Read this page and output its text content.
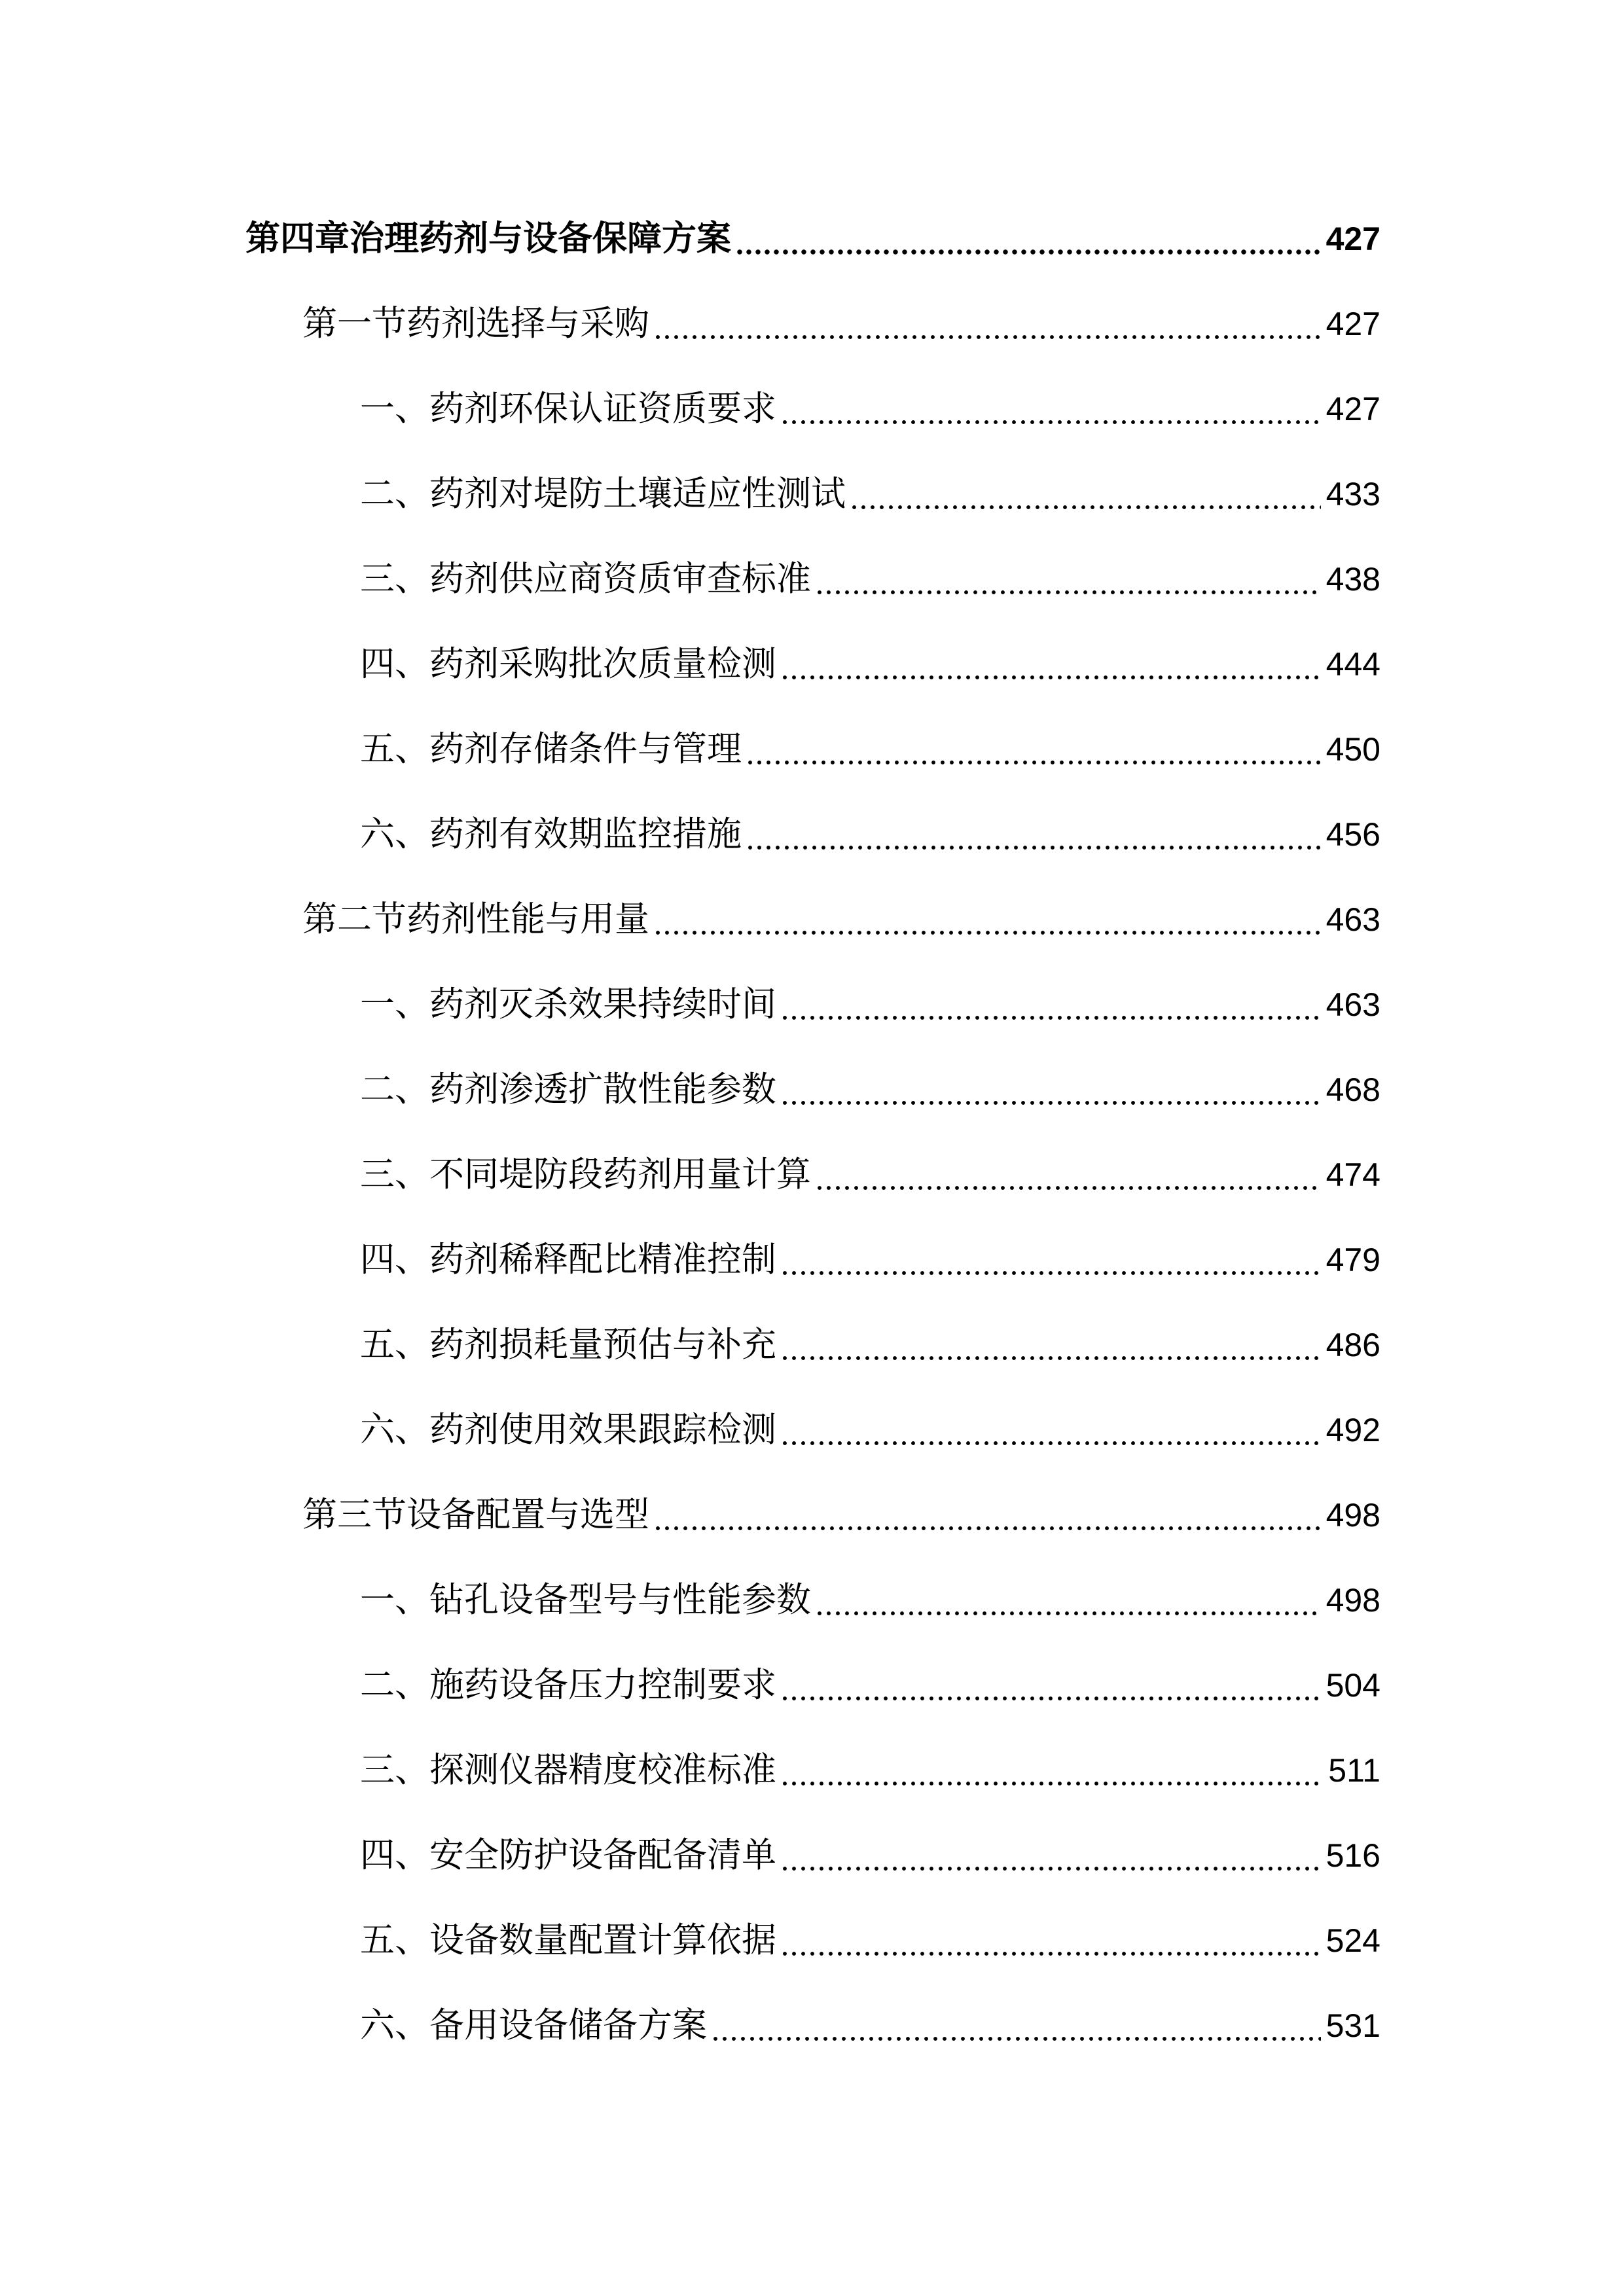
第四章治理药剂与设备保障方案	427
第一节药剂选择与采购	427
一、药剂环保认证资质要求	427
二、药剂对堤防土壤适应性测试	433
三、药剂供应商资质审查标准	438
四、药剂采购批次质量检测	444
五、药剂存储条件与管理	450
六、药剂有效期监控措施	456
第二节药剂性能与用量	463
一、药剂灭杀效果持续时间	463
二、药剂渗透扩散性能参数	468
三、不同堤防段药剂用量计算	474
四、药剂稀释配比精准控制	479
五、药剂损耗量预估与补充	486
六、药剂使用效果跟踪检测	492
第三节设备配置与选型	498
一、钻孔设备型号与性能参数	498
二、施药设备压力控制要求	504
三、探测仪器精度校准标准	511
四、安全防护设备配备清单	516
五、设备数量配置计算依据	524
六、备用设备储备方案	531
